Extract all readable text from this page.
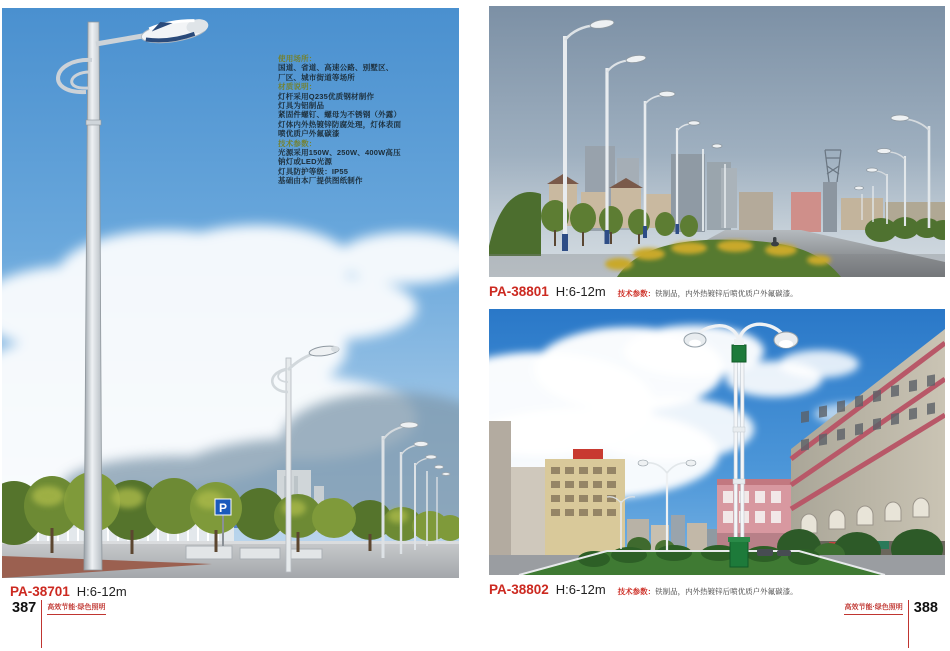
P
使用场所：
国道、省道、高速公路、别墅区、
厂区、城市街道等场所
材质说明：
灯杆采用Q235优质钢材制作
灯具为铝制品
紧固件螺钉、螺母为不锈钢（外露）
灯体内外热镀锌防腐处理，灯体表面
喷优质户外氟碳漆
技术参数：
光源采用150W、250W、400W高压
钠灯或LED光源
灯具防护等级：IP55
基础由本厂提供图纸制作
PA-38701 H:6-12m
387 高效节能·绿色照明
PA-38801 H:6-12m 技术参数：铁制品，内外热镀锌后喷优质户外氟碳漆。
PA-38802 H:6-12m 技术参数：铁制品，内外热镀锌后喷优质户外氟碳漆。
高效节能·绿色照明 388
